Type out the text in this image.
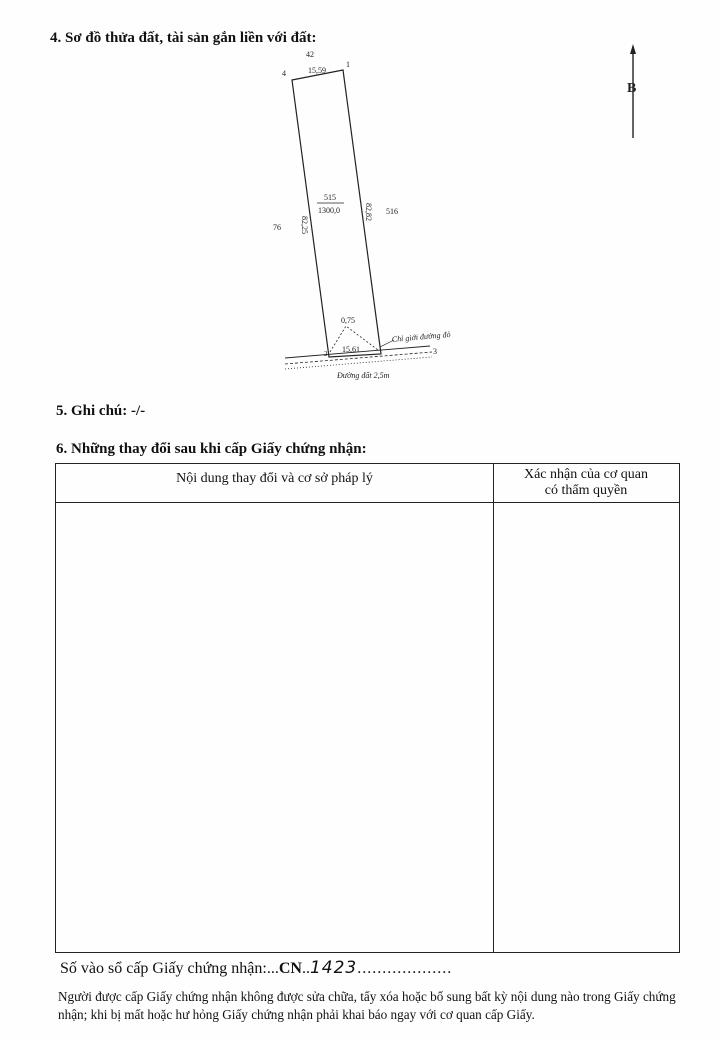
4. Sơ đồ thửa đất, tài sản gắn liền với đất:
B
42
4
1
15,59
515
1300,0
82,25
82,82
76
516
0,75
Chỉ giới đường đỏ
15,61
2	3
Đường đất 2,5m
5. Ghi chú: -/-
6. Những thay đổi sau khi cấp Giấy chứng nhận:
Nội dung thay đổi và cơ sở pháp lý	Xác nhận của cơ quan
có thẩm quyền
Số vào sổ cấp Giấy chứng nhận:...CN..1423...................
Người được cấp Giấy chứng nhận không được sửa chữa, tẩy xóa hoặc bổ sung bất kỳ nội dung nào trong Giấy chứng nhận; khi bị mất hoặc hư hỏng Giấy chứng nhận phải khai báo ngay với cơ quan cấp Giấy.
